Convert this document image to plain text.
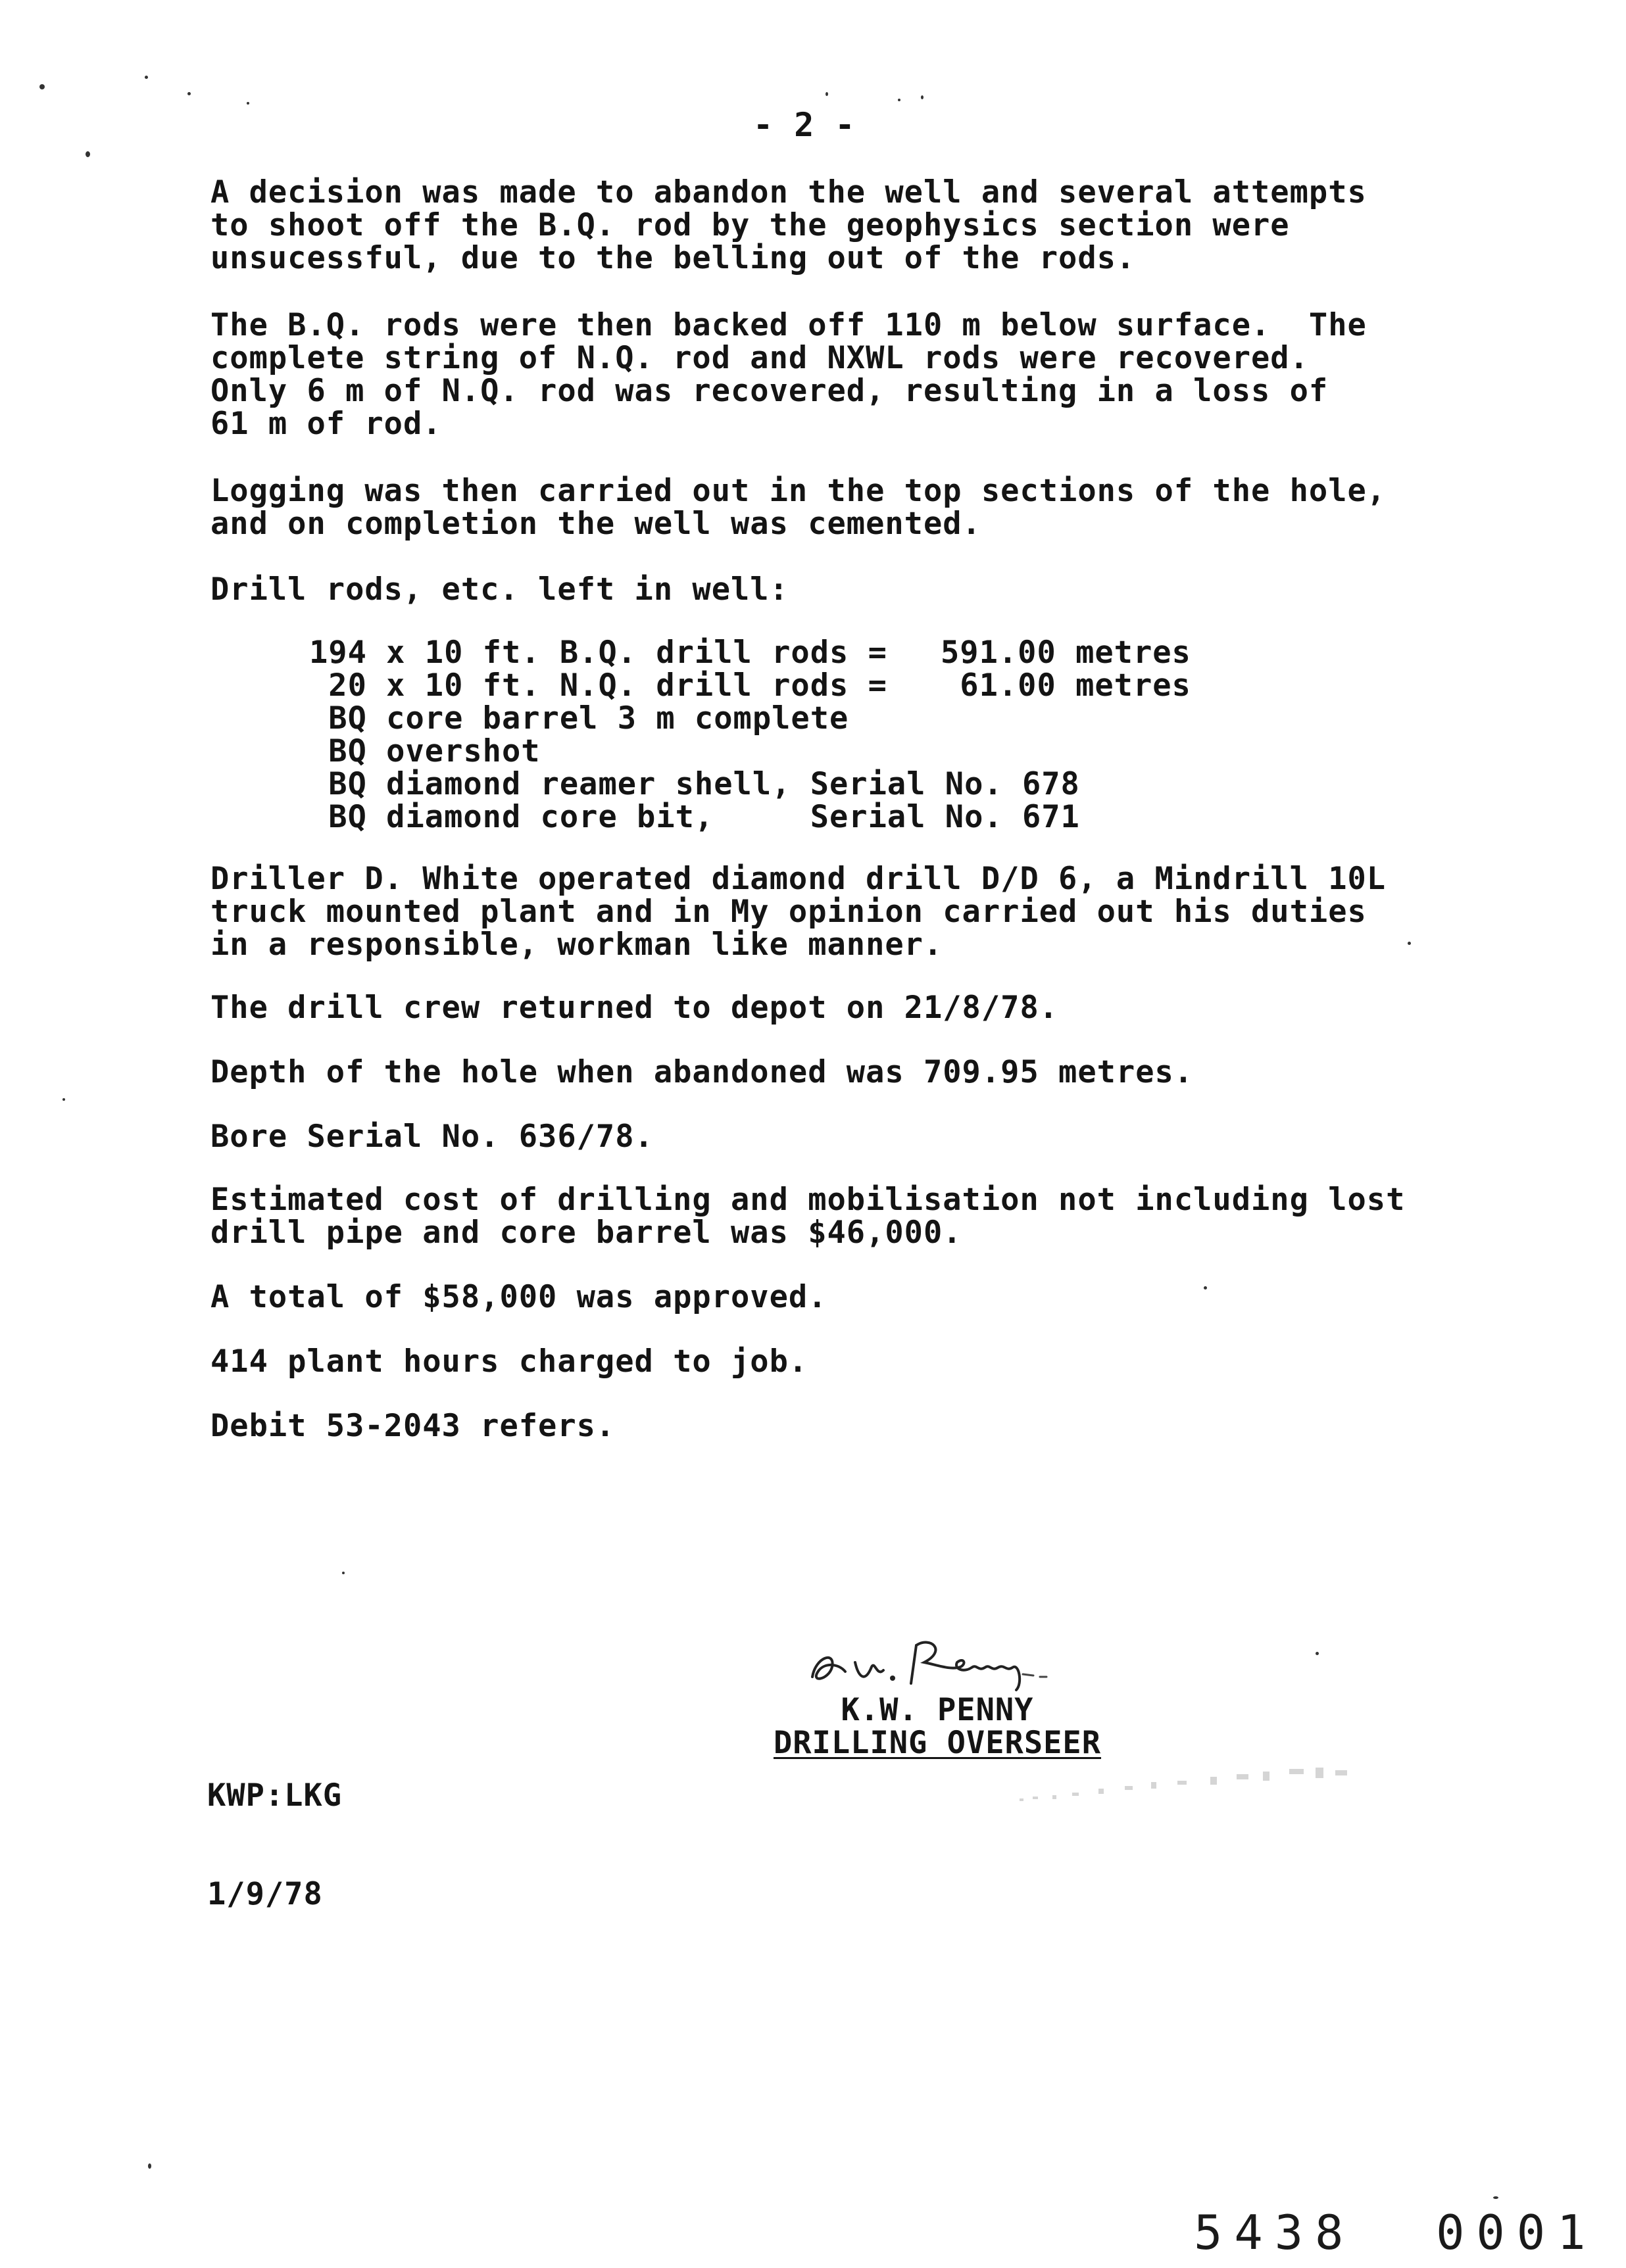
- 2 -
A decision was made to abandon the well and several attempts
to shoot off the B.Q. rod by the geophysics section were
unsucessful, due to the belling out of the rods.
The B.Q. rods were then backed off 110 m below surface.  The
complete string of N.Q. rod and NXWL rods were recovered.
Only 6 m of N.Q. rod was recovered, resulting in a loss of
61 m of rod.
Logging was then carried out in the top sections of the hole,
and on completion the well was cemented.
Drill rods, etc. left in well:
194 x 10 ft. B.Q. drill rods =	591.00 metres
20 x 10 ft. N.Q. drill rods =	61.00 metres
BQ core barrel 3 m complete
BQ overshot
BQ diamond reamer shell, Serial No. 678
BQ diamond core bit,     Serial No. 671
Driller D. White operated diamond drill D/D 6, a Mindrill 10L
truck mounted plant and in My opinion carried out his duties
in a responsible, workman like manner.
The drill crew returned to depot on 21/8/78.
Depth of the hole when abandoned was 709.95 metres.
Bore Serial No. 636/78.
Estimated cost of drilling and mobilisation not including lost
drill pipe and core barrel was $46,000.
A total of $58,000 was approved.
414 plant hours charged to job.
Debit 53-2043 refers.

KWP:LKG

1/9/78

K.W. PENNY
DRILLING OVERSEER
5438  0001
